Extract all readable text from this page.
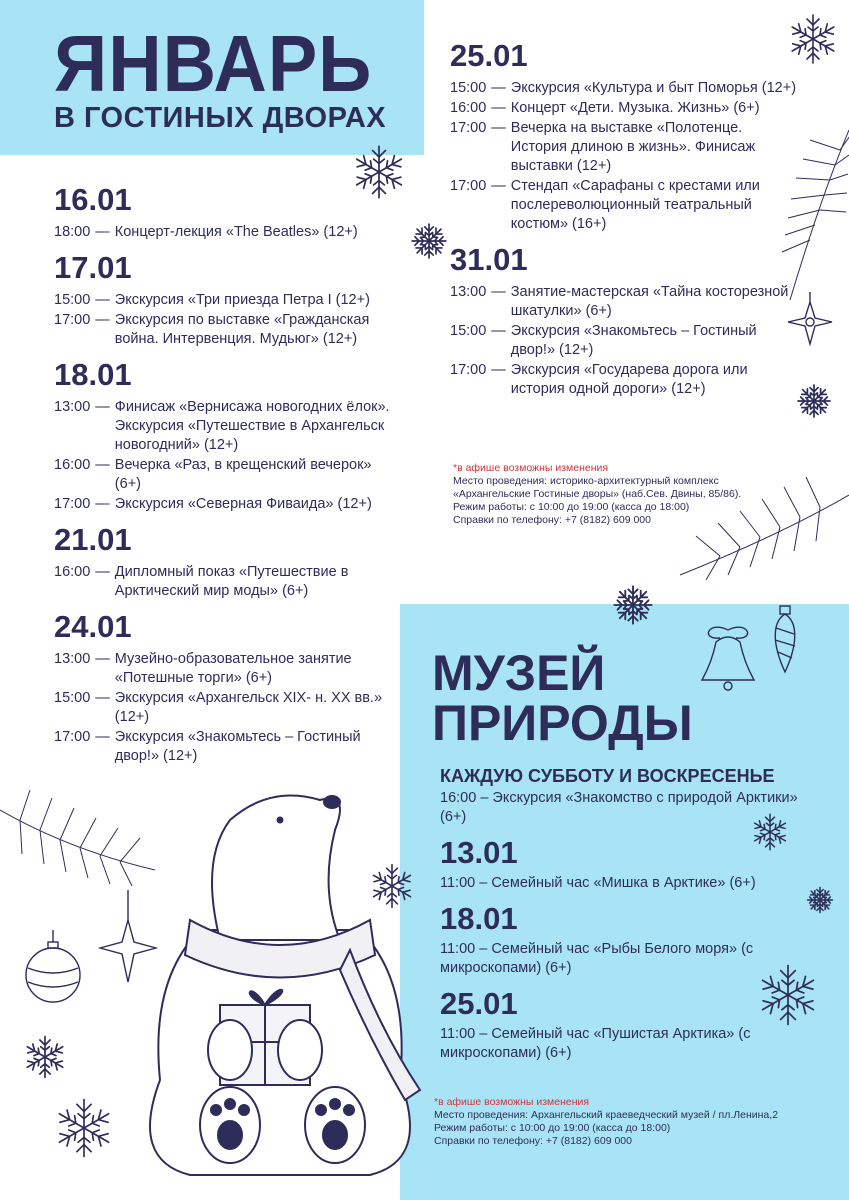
ЯНВАРЬ
В ГОСТИНЫХ ДВОРАХ
16.01
18:00 — Концерт-лекция «The Beatles» (12+)
17.01
15:00 — Экскурсия «Три приезда Петра I (12+)
17:00 — Экскурсия по выставке «Гражданская война. Интервенция. Мудьюг» (12+)
18.01
13:00 — Финисаж «Вернисажа новогодних ёлок». Экскурсия «Путешествие в Архангельск новогодний» (12+)
16:00 — Вечерка «Раз, в крещенский вечерок» (6+)
17:00 — Экскурсия «Северная Фиваида» (12+)
21.01
16:00 — Дипломный показ «Путешествие в Арктический мир моды» (6+)
24.01
13:00 — Музейно-образовательное занятие «Потешные торги» (6+)
15:00 — Экскурсия «Архангельск XIX- н. XX вв.» (12+)
17:00 — Экскурсия «Знакомьтесь – Гостиный двор!» (12+)
25.01
15:00 — Экскурсия «Культура и быт Поморья (12+)
16:00 — Концерт «Дети. Музыка. Жизнь» (6+)
17:00 — Вечерка на выставке «Полотенце. История длиною в жизнь». Финисаж выставки (12+)
17:00 — Стендап «Сарафаны с крестами или послереволюционный театральный костюм» (16+)
31.01
13:00 — Занятие-мастерская «Тайна косторезной шкатулки» (6+)
15:00 — Экскурсия «Знакомьтесь – Гостиный двор!» (12+)
17:00 — Экскурсия «Государева дорога или история одной дороги» (12+)
*в афише возможны изменения
Место проведения: историко-архитектурный комплекс
«Архангельские Гостиные дворы» (наб.Сев. Двины, 85/86).
Режим работы: с 10:00 до 19:00 (касса до 18:00)
Справки по телефону: +7 (8182) 609 000
МУЗЕЙ
ПРИРОДЫ
КАЖДУЮ СУББОТУ И ВОСКРЕСЕНЬЕ
16:00 – Экскурсия «Знакомство с природой Арктики» (6+)
13.01
11:00 – Семейный час «Мишка в Арктике» (6+)
18.01
11:00 – Семейный час «Рыбы Белого моря» (с микроскопами) (6+)
25.01
11:00 – Семейный час «Пушистая Арктика» (с микроскопами) (6+)
*в афише возможны изменения
Место проведения: Архангельский краеведческий музей / пл.Ленина,2
Режим работы: с 10:00 до 19:00 (касса до 18:00)
Справки по телефону: +7 (8182) 609 000
